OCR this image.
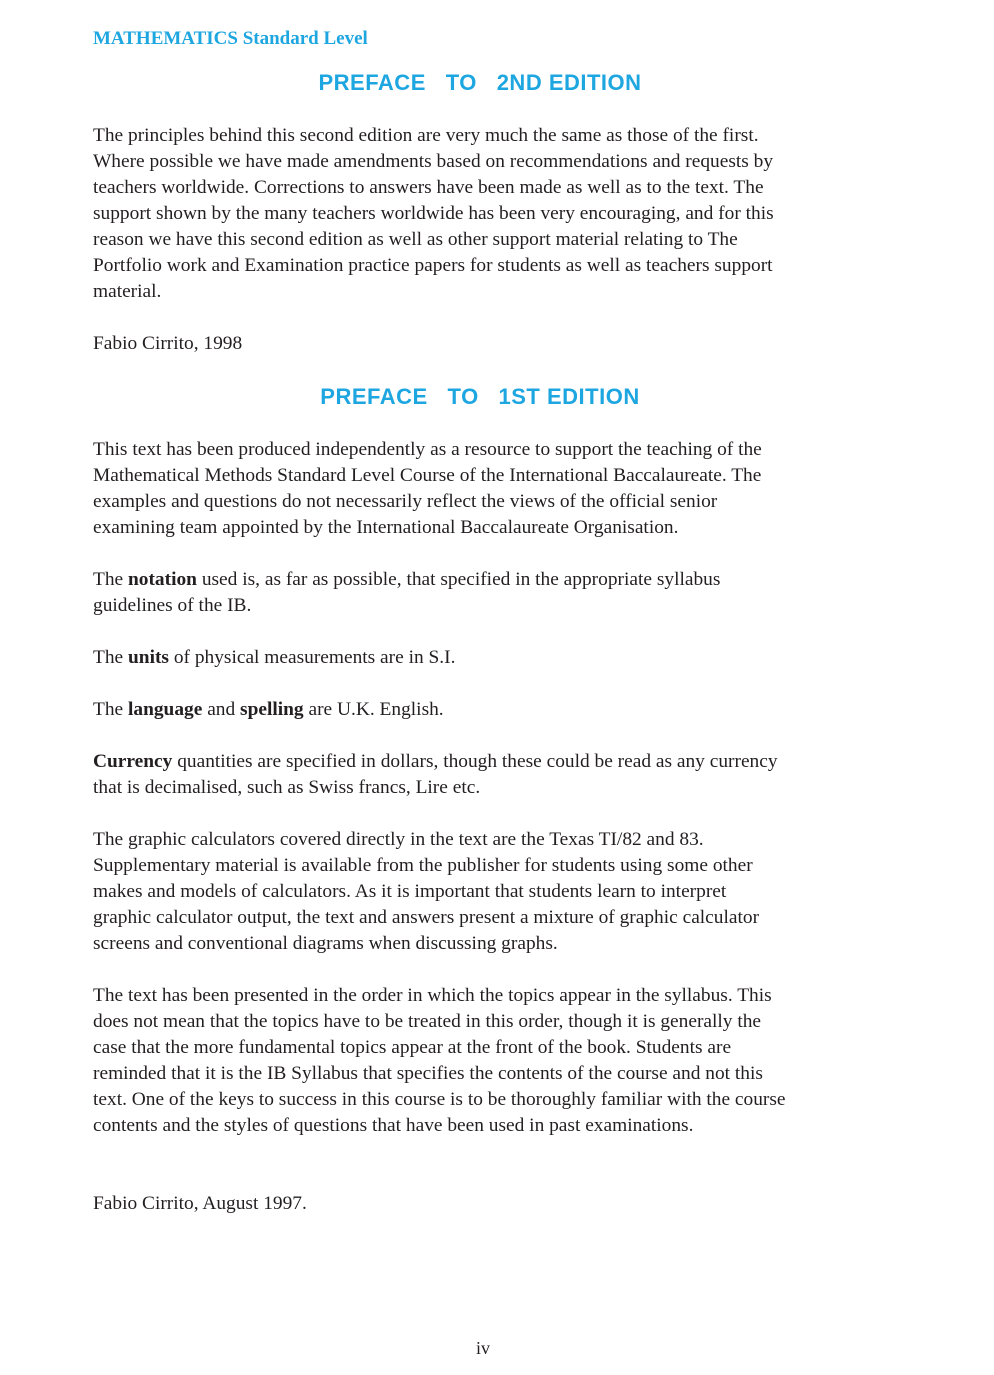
MATHEMATICS Standard Level
PREFACE   TO   2ND EDITION

The principles behind this second edition are very much the same as those of the first.
Where possible we have made amendments based on recommendations and requests by
teachers worldwide. Corrections to answers have been made as well as to the text. The
support shown by the many teachers worldwide has been very encouraging, and for this
reason we have this second edition as well as other support material relating to The
Portfolio work and Examination practice papers for students as well as teachers support
material.

Fabio Cirrito, 1998

PREFACE   TO   1ST EDITION

This text has been produced independently as a resource to support the teaching of the
Mathematical Methods Standard Level Course of the International Baccalaureate. The
examples and questions do not necessarily reflect the views of the official senior
examining team appointed by the International Baccalaureate Organisation.

The notation used is, as far as possible, that specified in the appropriate syllabus
guidelines of the IB.

The units of physical measurements are in S.I.

The language and spelling are U.K. English.

Currency quantities are specified in dollars, though these could be read as any currency
that is decimalised, such as Swiss francs, Lire etc.

The graphic calculators covered directly in the text are the Texas TI/82 and 83.
Supplementary material is available from the publisher for students using some other
makes and models of calculators. As it is important that students learn to interpret
graphic calculator output, the text and answers present a mixture of graphic calculator
screens and conventional diagrams when discussing graphs.

The text has been presented in the order in which the topics appear in the syllabus. This
does not mean that the topics have to be treated in this order, though it is generally the
case that the more fundamental topics appear at the front of the book. Students are
reminded that it is the IB Syllabus that specifies the contents of the course and not this
text. One of the keys to success in this course is to be thoroughly familiar with the course
contents and the styles of questions that have been used in past examinations.

Fabio Cirrito, August 1997.

iv
